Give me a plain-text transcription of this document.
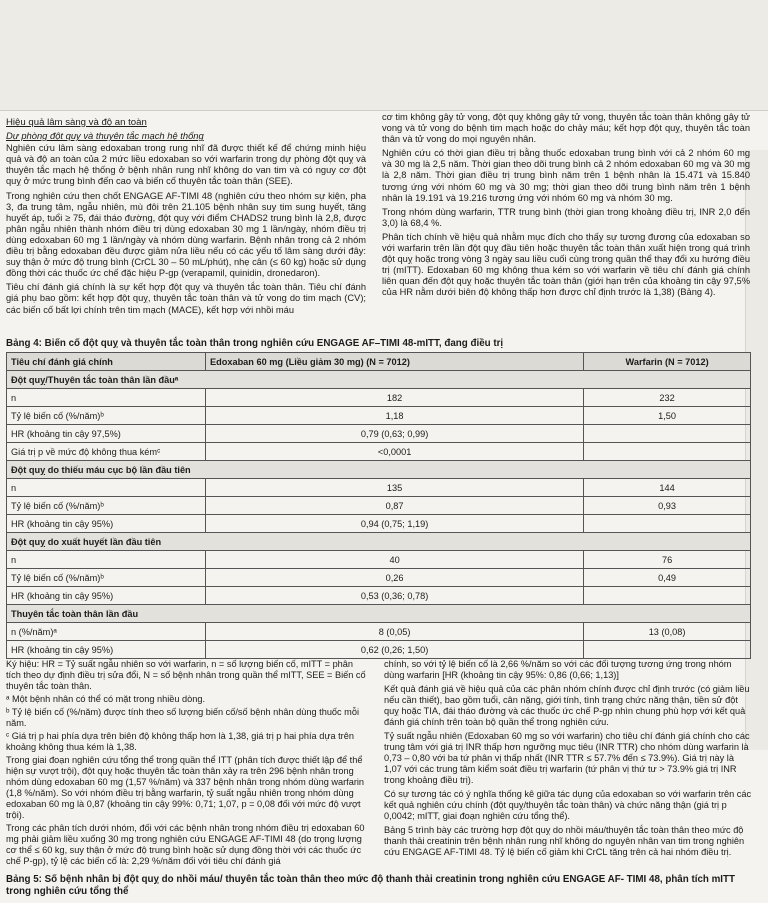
Hiệu quả lâm sàng và độ an toàn
Dự phòng đột quỵ và thuyên tắc mạch hệ thống

Nghiên cứu lâm sàng edoxaban trong rung nhĩ đã được thiết kế để chứng minh hiệu quả và độ an toàn của 2 mức liều edoxaban so với warfarin trong dự phòng đột quỵ và thuyên tắc mạch hệ thống ở bệnh nhân rung nhĩ không do van tim và có nguy cơ đột quỵ ở mức trung bình đến cao và biến cố thuyên tắc toàn thân (SEE).

Trong nghiên cứu then chốt ENGAGE AF-TIMI 48 (nghiên cứu theo nhóm sự kiện, pha 3, đa trung tâm, ngẫu nhiên, mù đôi trên 21.105 bệnh nhân suy tim sung huyết, tăng huyết áp, tuổi ≥ 75, đái tháo đường, đột quỵ với điểm CHADS2 trung bình là 2,8, được phân ngẫu nhiên thành nhóm điều trị dùng edoxaban 30 mg 1 lần/ngày, nhóm điều trị dùng edoxaban 60 mg 1 lần/ngày và nhóm dùng warfarin. Bệnh nhân trong cả 2 nhóm điều trị bằng edoxaban đều được giảm nửa liều nếu có các yếu tố lâm sàng dưới đây: suy thận ở mức độ trung bình (CrCL 30 – 50 mL/phút), nhẹ cân (≤ 60 kg) hoặc sử dụng đồng thời các thuốc ức chế đặc hiệu P-gp (verapamil, quinidin, dronedaron).

Tiêu chí đánh giá chính là sự kết hợp đột quỵ và thuyên tắc toàn thân. Tiêu chí đánh giá phụ bao gồm: kết hợp đột quỵ, thuyên tắc toàn thân và tử vong do tim mạch (CV); các biến cố bất lợi chính trên tim mạch (MACE), kết hợp với nhồi máu

cơ tim không gây tử vong, đột quỵ không gây tử vong, thuyên tắc toàn thân không gây tử vong và tử vong do bệnh tim mạch hoặc do chảy máu; kết hợp đột quỵ, thuyên tắc toàn thân và tử vong do mọi nguyên nhân.

Nghiên cứu có thời gian điều trị bằng thuốc edoxaban trung bình với cả 2 nhóm 60 mg và 30 mg là 2,5 năm. Thời gian theo dõi trung bình cả 2 nhóm edoxaban 60 mg và 30 mg là 2,8 năm. Thời gian điều trị trung bình năm trên 1 bệnh nhân là 15.471 và 15.840 tương ứng với nhóm 60 mg và 30 mg; thời gian theo dõi trung bình năm trên 1 bệnh nhân là 19.191 và 19.216 tương ứng với nhóm 60 mg và nhóm 30 mg.

Trong nhóm dùng warfarin, TTR trung bình (thời gian trong khoảng điều trị, INR 2,0 đến 3,0) là 68,4 %.

Phân tích chính về hiệu quả nhằm mục đích cho thấy sự tương đương của edoxaban so với warfarin trên lần đột quỵ đầu tiên hoặc thuyên tắc toàn thân xuất hiện trong quá trình đột quỵ hoặc trong vòng 3 ngày sau liều cuối cùng trong quần thể thay đổi xu hướng điều trị (mITT). Edoxaban 60 mg không thua kém so với warfarin về tiêu chí đánh giá chính liên quan đến đột quỵ hoặc thuyên tắc toàn thân (giới hạn trên của khoảng tin cậy 97,5% của HR nằm dưới biên độ không thấp hơn được chỉ định trước là 1,38) (Bảng 4).

Bảng 4: Biến cố đột quỵ và thuyên tắc toàn thân trong nghiên cứu ENGAGE AF–TIMI 48-mITT, đang điều trị
Tiêu chí đánh giá chính	Edoxaban 60 mg (Liều giảm 30 mg) (N = 7012)	Warfarin (N = 7012)
Đột quỵ/Thuyên tắc toàn thân lần đầuᵃ		
n	182	232
Tỷ lệ biến cố (%/năm)ᵇ	1,18	1,50
HR (khoảng tin cậy 97,5%)	0,79 (0,63; 0,99)	
Giá trị p về mức độ không thua kémᶜ	<0,0001	
Đột quỵ do thiếu máu cục bộ lần đầu tiên		
n	135	144
Tỷ lệ biến cố (%/năm)ᵇ	0,87	0,93
HR (khoảng tin cậy 95%)	0,94 (0,75; 1,19)	
Đột quỵ do xuất huyết lần đầu tiên		
n	40	76
Tỷ lệ biến cố (%/năm)ᵇ	0,26	0,49
HR (khoảng tin cậy 95%)	0,53 (0,36; 0,78)	
Thuyên tắc toàn thân lần đầu		
n (%/năm)ᵃ	8 (0,05)	13 (0,08)
HR (khoảng tin cậy 95%)	0,62 (0,26; 1,50)	

Ký hiệu: HR = Tỷ suất ngẫu nhiên so với warfarin, n = số lượng biến cố, mITT = phân tích theo dự định điều trị sửa đổi, N = số bệnh nhân trong quần thể mITT, SEE = Biến cố thuyên tắc toàn thân.

ᵃ Một bệnh nhân có thể có mặt trong nhiều dòng.

ᵇ Tỷ lệ biến cố (%/năm) được tính theo số lượng biến cố/số bệnh nhân dùng thuốc mỗi năm.

ᶜ Giá trị p hai phía dựa trên biên độ không thấp hơn là 1,38, giá trị p hai phía dựa trên khoảng không thua kém là 1,38.

Trong giai đoạn nghiên cứu tổng thể trong quần thể ITT (phân tích được thiết lập để thể hiện sự vượt trội), đột quỵ hoặc thuyên tắc toàn thân xảy ra trên 296 bệnh nhân trong nhóm dùng edoxaban 60 mg (1,57 %/năm) và 337 bệnh nhân trong nhóm dùng warfarin (1,8 %/năm). So với nhóm điều trị bằng warfarin, tỷ suất ngẫu nhiên trong nhóm dùng edoxaban 60 mg là 0,87 (khoảng tin cậy 99%: 0,71; 1,07, p = 0,08 đối với mức độ vượt trội).

Trong các phân tích dưới nhóm, đối với các bệnh nhân trong nhóm điều trị edoxaban 60 mg phải giảm liều xuống 30 mg trong nghiên cứu ENGAGE AF-TIMI 48 (do trọng lượng cơ thể ≤ 60 kg, suy thận ở mức độ trung bình hoặc sử dụng đồng thời với các thuốc ức chế P-gp), tỷ lệ các biến cố là: 2,29 %/năm đối với tiêu chí đánh giá

chính, so với tỷ lệ biến cố là 2,66 %/năm so với các đối tượng tương ứng trong nhóm dùng warfarin [HR (khoảng tin cậy 95%: 0,86 (0,66; 1,13)]

Kết quả đánh giá về hiệu quả của các phân nhóm chính được chỉ định trước (có giảm liều nếu cần thiết), bao gồm tuổi, cân nặng, giới tính, tình trạng chức năng thận, tiền sử đột quỵ hoặc TIA, đái tháo đường và các thuốc ức chế P-gp nhìn chung phù hợp với kết quả đánh giá chính trên toàn bộ quần thể trong nghiên cứu.

Tỷ suất ngẫu nhiên (Edoxaban 60 mg so với warfarin) cho tiêu chí đánh giá chính cho các trung tâm với giá trị INR thấp hơn ngưỡng mục tiêu (INR TTR) cho nhóm dùng warfarin là 0,73 – 0,80 với ba tứ phân vị thấp nhất (INR TTR ≤ 57.7% đến ≤ 73.9%). Giá trị này là 1,07 với các trung tâm kiểm soát điều trị warfarin (tứ phân vị thứ tư > 73.9% giá trị INR trong khoảng điều trị).

Có sự tương tác có ý nghĩa thống kê giữa tác dụng của edoxaban so với warfarin trên các kết quả nghiên cứu chính (đột quỵ/thuyên tắc toàn thân) và chức năng thận (giá trị p 0,0042; mITT, giai đoạn nghiên cứu tổng thể).

Bảng 5 trình bày các trường hợp đột quỵ do nhồi máu/thuyên tắc toàn thân theo mức độ thanh thải creatinin trên bệnh nhân rung nhĩ không do nguyên nhân van tim trong nghiên cứu ENGAGE AF-TIMI 48. Tỷ lệ biến cố giảm khi CrCL tăng trên cả hai nhóm điều trị.

Bảng 5: Số bệnh nhân bị đột quỵ do nhồi máu/ thuyên tắc toàn thân theo mức độ thanh thải creatinin trong nghiên cứu ENGAGE AF- TIMI 48, phân tích mITT trong nghiên cứu tổng thể
